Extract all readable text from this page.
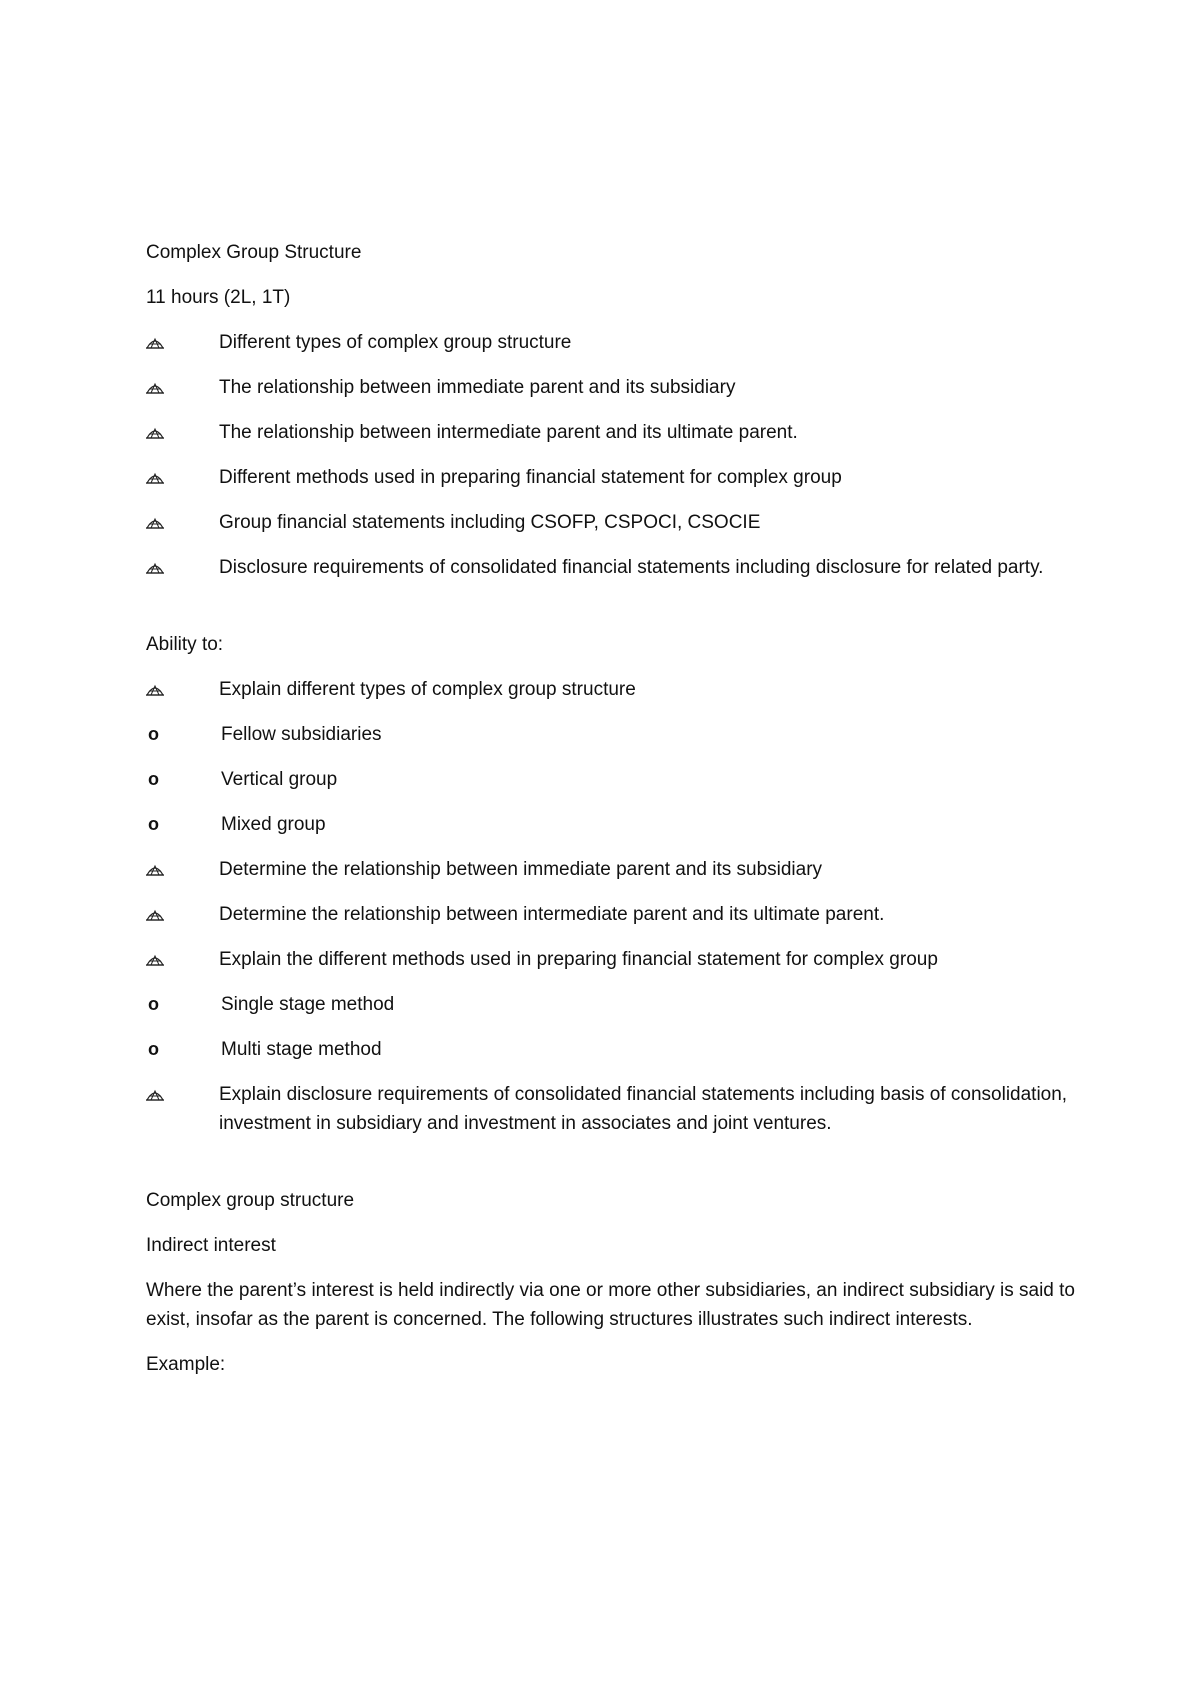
Complex Group Structure

11 hours (2L, 1T)

Different types of complex group structure
The relationship between immediate parent and its subsidiary
The relationship between intermediate parent and its ultimate parent.
Different methods used in preparing financial statement for complex group
Group financial statements including CSOFP, CSPOCI, CSOCIE
Disclosure requirements of consolidated financial statements including disclosure for related party.

Ability to:

Explain different types of complex group structure
o	Fellow subsidiaries
o	Vertical group
o	Mixed group
Determine the relationship between immediate parent and its subsidiary
Determine the relationship between intermediate parent and its ultimate parent.
Explain the different methods used in preparing financial statement for complex group
o	Single stage method
o	Multi stage method
Explain disclosure requirements of consolidated financial statements including basis of consolidation, investment in subsidiary and investment in associates and joint ventures.

Complex group structure

Indirect interest

Where the parent’s interest is held indirectly via one or more other subsidiaries, an indirect subsidiary is said to exist, insofar as the parent is concerned. The following structures illustrates such indirect interests.

Example:
